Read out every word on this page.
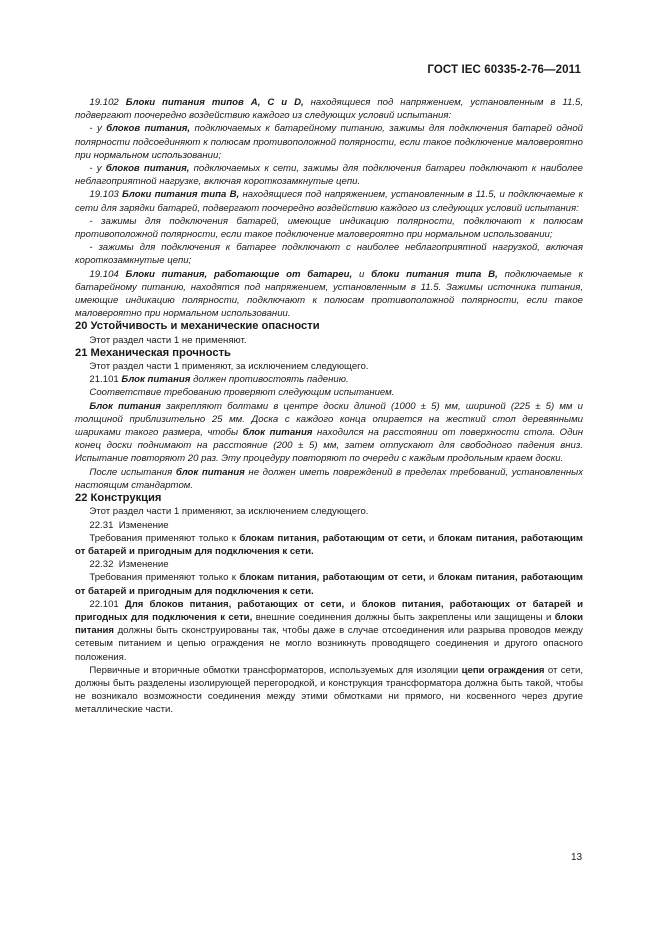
ГОСТ IEC 60335-2-76—2011

19.102 Блоки питания типов A, C и D, находящиеся под напряжением, установленным в 11.5, подвергают поочередно воздействию каждого из следующих условий испытания:

- у блоков питания, подключаемых к батарейному питанию, зажимы для подключения батарей одной полярности подсоединяют к полюсам противоположной полярности, если такое подключение маловероятно при нормальном использовании;

- у блоков питания, подключаемых к сети, зажимы для подключения батареи подключают к наиболее неблагоприятной нагрузке, включая короткозамкнутые цепи.

19.103 Блоки питания типа B, находящиеся под напряжением, установленным в 11.5, и подключаемые к сети для зарядки батарей, подвергают поочередно воздействию каждого из следующих условий испытания:

- зажимы для подключения батарей, имеющие индикацию полярности, подключают к полюсам противоположной полярности, если такое подключение маловероятно при нормальном использовании;

- зажимы для подключения к батарее подключают с наиболее неблагоприятной нагрузкой, включая короткозамкнутые цепи;

19.104 Блоки питания, работающие от батареи, и блоки питания типа B, подключаемые к батарейному питанию, находятся под напряжением, установленным в 11.5. Зажимы источника питания, имеющие индикацию полярности, подключают к полюсам противоположной полярности, если такое маловероятно при нормальном использовании.

20 Устойчивость и механические опасности

Этот раздел части 1 не применяют.

21 Механическая прочность

Этот раздел части 1 применяют, за исключением следующего.

21.101 Блок питания должен противостоять падению.

Соответствие требованию проверяют следующим испытанием.

Блок питания закрепляют болтами в центре доски длиной (1000 ± 5) мм, шириной (225 ± 5) мм и толщиной приблизительно 25 мм. Доска с каждого конца опирается на жесткий стол деревянными шариками такого размера, чтобы блок питания находился на расстоянии от поверхности стола. Один конец доски поднимают на расстояние (200 ± 5) мм, затем отпускают для свободного падения вниз. Испытание повторяют 20 раз. Эту процедуру повторяют по очереди с каждым продольным краем доски.

После испытания блок питания не должен иметь повреждений в пределах требований, установленных настоящим стандартом.

22 Конструкция

Этот раздел части 1 применяют, за исключением следующего.

22.31 Изменение

Требования применяют только к блокам питания, работающим от сети, и блокам питания, работающим от батарей и пригодным для подключения к сети.

22.32 Изменение

Требования применяют только к блокам питания, работающим от сети, и блокам питания, работающим от батарей и пригодным для подключения к сети.

22.101 Для блоков питания, работающих от сети, и блоков питания, работающих от батарей и пригодных для подключения к сети, внешние соединения должны быть закреплены или защищены и блоки питания должны быть сконструированы так, чтобы даже в случае отсоединения или разрыва проводов между сетевым питанием и цепью ограждения не могло возникнуть проводящего соединения и другого опасного положения.

Первичные и вторичные обмотки трансформаторов, используемых для изоляции цепи ограждения от сети, должны быть разделены изолирующей перегородкой, и конструкция трансформатора должна быть такой, чтобы не возникало возможности соединения между этими обмотками ни прямого, ни косвенного через другие металлические части.

13
